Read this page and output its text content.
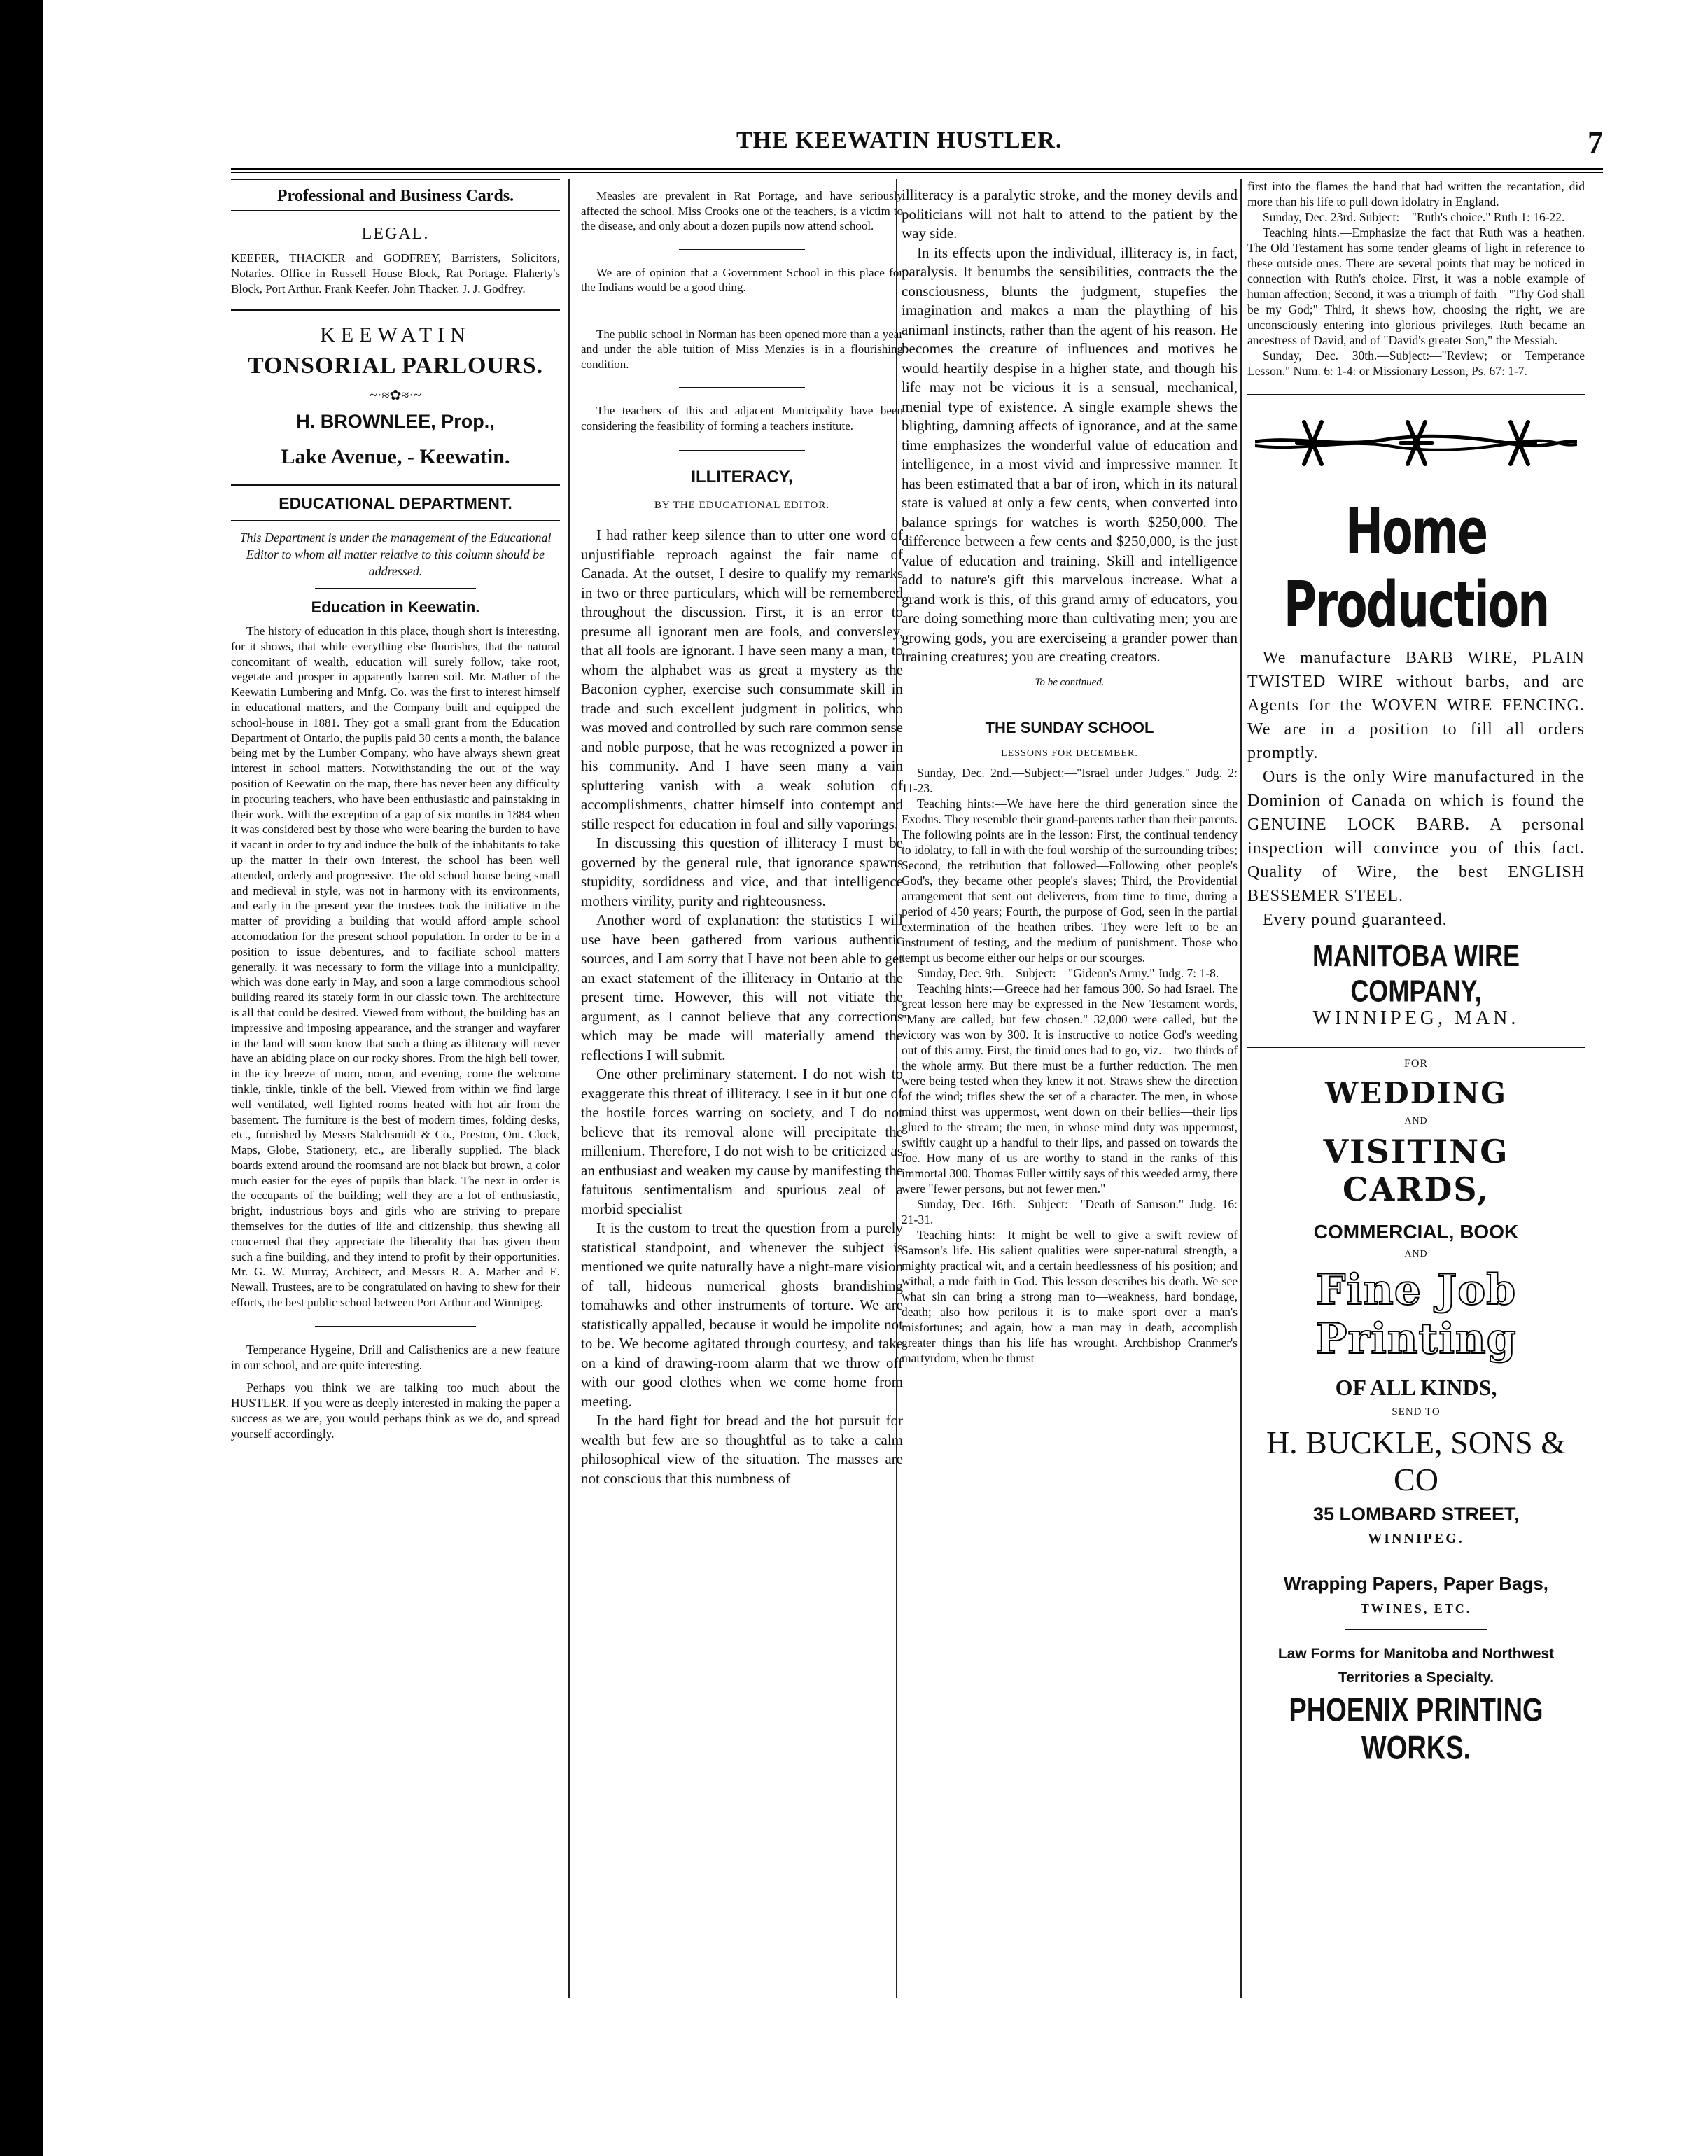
THE KEEWATIN HUSTLER.	7

Professional and Business Cards.

LEGAL.

KEEFER, THACKER and GODFREY, Barristers, Solicitors, Notaries. Office in Russell House Block, Rat Portage. Flaherty's Block, Port Arthur. Frank Keefer. John Thacker. J. J. Godfrey.

KEEWATIN

TONSORIAL PARLOURS.

~·≈✿≈·~

H. BROWNLEE, Prop.,

Lake Avenue, - Keewatin.

EDUCATIONAL DEPARTMENT.

This Department is under the management of the Educational Editor to whom all matter relative to this column should be addressed.

Education in Keewatin.

The history of education in this place, though short is interesting, for it shows, that while everything else flourishes, that the natural concomitant of wealth, education will surely follow, take root, vegetate and prosper in apparently barren soil. Mr. Mather of the Keewatin Lumbering and Mnfg. Co. was the first to interest himself in educational matters, and the Company built and equipped the school-house in 1881. They got a small grant from the Education Department of Ontario, the pupils paid 30 cents a month, the balance being met by the Lumber Company, who have always shewn great interest in school matters. Notwithstanding the out of the way position of Keewatin on the map, there has never been any difficulty in procuring teachers, who have been enthusiastic and painstaking in their work. With the exception of a gap of six months in 1884 when it was considered best by those who were bearing the burden to have it vacant in order to try and induce the bulk of the inhabitants to take up the matter in their own interest, the school has been well attended, orderly and progressive. The old school house being small and medieval in style, was not in harmony with its environments, and early in the present year the trustees took the initiative in the matter of providing a building that would afford ample school accomodation for the present school population. In order to be in a position to issue debentures, and to faciliate school matters generally, it was necessary to form the village into a municipality, which was done early in May, and soon a large commodious school building reared its stately form in our classic town. The architecture is all that could be desired. Viewed from without, the building has an impressive and imposing appearance, and the stranger and wayfarer in the land will soon know that such a thing as illiteracy will never have an abiding place on our rocky shores. From the high bell tower, in the icy breeze of morn, noon, and evening, come the welcome tinkle, tinkle, tinkle of the bell. Viewed from within we find large well ventilated, well lighted rooms heated with hot air from the basement. The furniture is the best of modern times, folding desks, etc., furnished by Messrs Stalchsmidt & Co., Preston, Ont. Clock, Maps, Globe, Stationery, etc., are liberally supplied. The black boards extend around the roomsand are not black but brown, a color much easier for the eyes of pupils than black. The next in order is the occupants of the building; well they are a lot of enthusiastic, bright, industrious boys and girls who are striving to prepare themselves for the duties of life and citizenship, thus shewing all concerned that they appreciate the liberality that has given them such a fine building, and they intend to profit by their opportunities. Mr. G. W. Murray, Architect, and Messrs R. A. Mather and E. Newall, Trustees, are to be congratulated on having to shew for their efforts, the best public school between Port Arthur and Winnipeg.

Temperance Hygeine, Drill and Calisthenics are a new feature in our school, and are quite interesting.

Perhaps you think we are talking too much about the HUSTLER. If you were as deeply interested in making the paper a success as we are, you would perhaps think as we do, and spread yourself accordingly.

Measles are prevalent in Rat Portage, and have seriously affected the school. Miss Crooks one of the teachers, is a victim to the disease, and only about a dozen pupils now attend school.

We are of opinion that a Government School in this place for the Indians would be a good thing.

The public school in Norman has been opened more than a year and under the able tuition of Miss Menzies is in a flourishing condition.

The teachers of this and adjacent Municipality have been considering the feasibility of forming a teachers institute.

ILLITERACY,

BY THE EDUCATIONAL EDITOR.

I had rather keep silence than to utter one word of unjustifiable reproach against the fair name of Canada. At the outset, I desire to qualify my remarks in two or three particulars, which will be remembered throughout the discussion. First, it is an error to presume all ignorant men are fools, and conversley, that all fools are ignorant. I have seen many a man, to whom the alphabet was as great a mystery as the Baconion cypher, exercise such consummate skill in trade and such excellent judgment in politics, who was moved and controlled by such rare common sense and noble purpose, that he was recognized a power in his community. And I have seen many a vain spluttering vanish with a weak solution of accomplishments, chatter himself into contempt and stille respect for education in foul and silly vaporings.

In discussing this question of illiteracy I must be governed by the general rule, that ignorance spawns stupidity, sordidness and vice, and that intelligence mothers virility, purity and righteousness.

Another word of explanation: the statistics I will use have been gathered from various authentic sources, and I am sorry that I have not been able to get an exact statement of the illiteracy in Ontario at the present time. However, this will not vitiate the argument, as I cannot believe that any corrections which may be made will materially amend the reflections I will submit.

One other preliminary statement. I do not wish to exaggerate this threat of illiteracy. I see in it but one of the hostile forces warring on society, and I do not believe that its removal alone will precipitate the millenium. Therefore, I do not wish to be criticized as an enthusiast and weaken my cause by manifesting the fatuitous sentimentalism and spurious zeal of a morbid specialist

It is the custom to treat the question from a purely statistical standpoint, and whenever the subject is mentioned we quite naturally have a night-mare vision of tall, hideous numerical ghosts brandishing tomahawks and other instruments of torture. We are statistically appalled, because it would be impolite not to be. We become agitated through courtesy, and take on a kind of drawing-room alarm that we throw off with our good clothes when we come home from meeting.

In the hard fight for bread and the hot pursuit for wealth but few are so thoughtful as to take a calm philosophical view of the situation. The masses are not conscious that this numbness of

illiteracy is a paralytic stroke, and the money devils and politicians will not halt to attend to the patient by the way side.

In its effects upon the individual, illiteracy is, in fact, paralysis. It benumbs the sensibilities, contracts the the consciousness, blunts the judgment, stupefies the imagination and makes a man the plaything of his animanl instincts, rather than the agent of his reason. He becomes the creature of influences and motives he would heartily despise in a higher state, and though his life may not be vicious it is a sensual, mechanical, menial type of existence. A single example shews the blighting, damning affects of ignorance, and at the same time emphasizes the wonderful value of education and intelligence, in a most vivid and impressive manner. It has been estimated that a bar of iron, which in its natural state is valued at only a few cents, when converted into balance springs for watches is worth $250,000. The difference between a few cents and $250,000, is the just value of education and training. Skill and intelligence add to nature's gift this marvelous increase. What a grand work is this, of this grand army of educators, you are doing something more than cultivating men; you are growing gods, you are exerciseing a grander power than training creatures; you are creating creators.

To be continued.

THE SUNDAY SCHOOL

LESSONS FOR DECEMBER.

Sunday, Dec. 2nd.—Subject:—"Israel under Judges." Judg. 2: 11-23.

Teaching hints:—We have here the third generation since the Exodus. They resemble their grand-parents rather than their parents. The following points are in the lesson: First, the continual tendency to idolatry, to fall in with the foul worship of the surrounding tribes; Second, the retribution that followed—Following other people's God's, they became other people's slaves; Third, the Providential arrangement that sent out deliverers, from time to time, during a period of 450 years; Fourth, the purpose of God, seen in the partial extermination of the heathen tribes. They were left to be an instrument of testing, and the medium of punishment. Those who tempt us become either our helps or our scourges.

Sunday, Dec. 9th.—Subject:—"Gideon's Army." Judg. 7: 1-8.

Teaching hints:—Greece had her famous 300. So had Israel. The great lesson here may be expressed in the New Testament words, "Many are called, but few chosen." 32,000 were called, but the victory was won by 300. It is instructive to notice God's weeding out of this army. First, the timid ones had to go, viz.—two thirds of the whole army. But there must be a further reduction. The men were being tested when they knew it not. Straws shew the direction of the wind; trifles shew the set of a character. The men, in whose mind thirst was uppermost, went down on their bellies—their lips glued to the stream; the men, in whose mind duty was uppermost, swiftly caught up a handful to their lips, and passed on towards the foe. How many of us are worthy to stand in the ranks of this immortal 300. Thomas Fuller wittily says of this weeded army, there were "fewer persons, but not fewer men."

Sunday, Dec. 16th.—Subject:—"Death of Samson." Judg. 16: 21-31.

Teaching hints:—It might be well to give a swift review of Samson's life. His salient qualities were super-natural strength, a mighty practical wit, and a certain heedlessness of his position; and withal, a rude faith in God. This lesson describes his death. We see what sin can bring a strong man to—weakness, hard bondage, death; also how perilous it is to make sport over a man's misfortunes; and again, how a man may in death, accomplish greater things than his life has wrought. Archbishop Cranmer's martyrdom, when he thrust

first into the flames the hand that had written the recantation, did more than his life to pull down idolatry in England.

Sunday, Dec. 23rd. Subject:—"Ruth's choice." Ruth 1: 16-22.

Teaching hints.—Emphasize the fact that Ruth was a heathen. The Old Testament has some tender gleams of light in reference to these outside ones. There are several points that may be noticed in connection with Ruth's choice. First, it was a noble example of human affection; Second, it was a triumph of faith—"Thy God shall be my God;" Third, it shews how, choosing the right, we are unconsciously entering into glorious privileges. Ruth became an ancestress of David, and of "David's greater Son," the Messiah.

Sunday, Dec. 30th.—Subject:—"Review; or Temperance Lesson." Num. 6: 1-4: or Missionary Lesson, Ps. 67: 1-7.

Home Production

We manufacture BARB WIRE, PLAIN TWISTED WIRE without barbs, and are Agents for the WOVEN WIRE FENCING. We are in a position to fill all orders promptly.

Ours is the only Wire manufactured in the Dominion of Canada on which is found the GENUINE LOCK BARB. A personal inspection will convince you of this fact. Quality of Wire, the best ENGLISH BESSEMER STEEL.

Every pound guaranteed.

MANITOBA WIRE COMPANY,

WINNIPEG, MAN.

FOR

WEDDING

AND

VISITING CARDS,

COMMERCIAL, BOOK

AND

Fine Job Printing

OF ALL KINDS,

SEND TO

H. BUCKLE, SONS & CO

35 LOMBARD STREET,

WINNIPEG.

Wrapping Papers, Paper Bags,

TWINES, ETC.

Law Forms for Manitoba and Northwest Territories a Specialty.

PHOENIX PRINTING WORKS.
